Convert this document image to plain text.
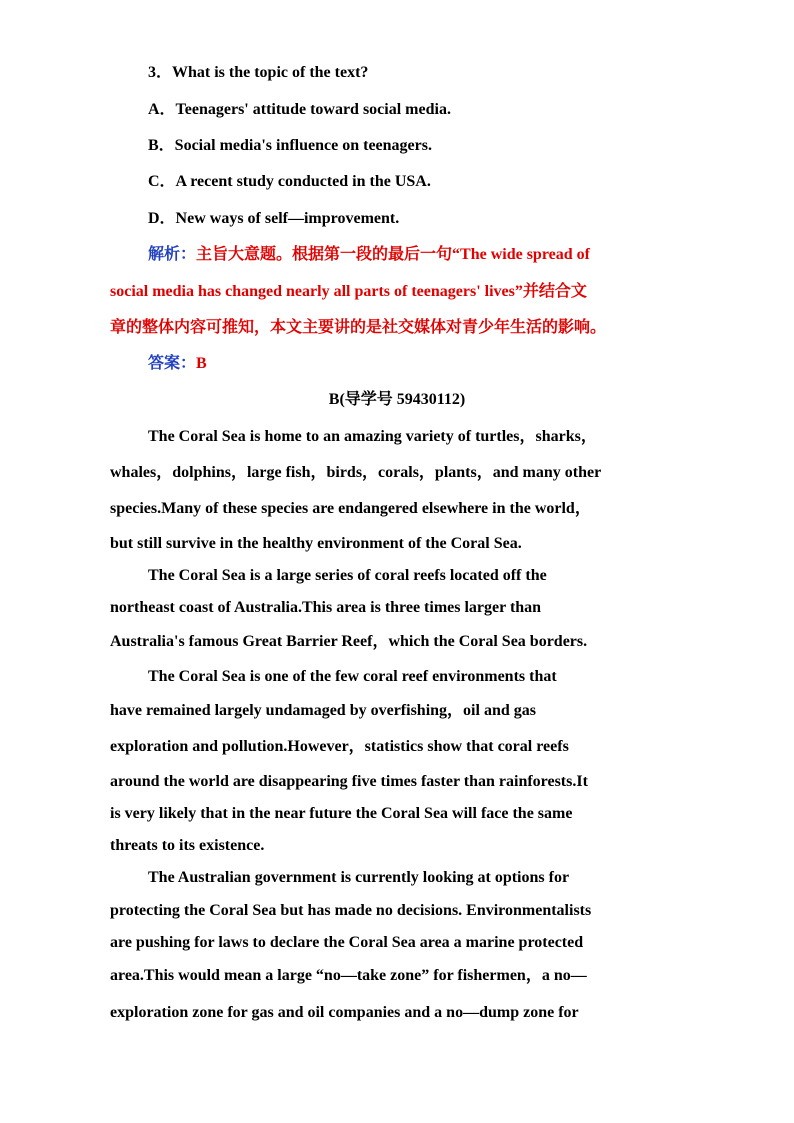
3．What is the topic of the text?
A．Teenagers' attitude toward social media.
B．Social media's influence on teenagers.
C．A recent study conducted in the USA.
D．New ways of self—improvement.
解析：主旨大意题。根据第一段的最后一句“The wide spread of
social media has changed nearly all parts of teenagers' lives”并结合文
章的整体内容可推知，本文主要讲的是社交媒体对青少年生活的影响。
答案：B
B(导学号 59430112)
The Coral Sea is home to an amazing variety of turtles，sharks，
whales，dolphins，large fish，birds，corals，plants，and many other
species.Many of these species are endangered elsewhere in the world，
but still survive in the healthy environment of the Coral Sea.
The Coral Sea is a large series of coral reefs located off the
northeast coast of Australia.This area is three times larger than
Australia's famous Great Barrier Reef，which the Coral Sea borders.
The Coral Sea is one of the few coral reef environments that
have remained largely undamaged by overfishing，oil and gas
exploration and pollution.However，statistics show that coral reefs
around the world are disappearing five times faster than rainforests.It
is very likely that in the near future the Coral Sea will face the same
threats to its existence.
The Australian government is currently looking at options for
protecting the Coral Sea but has made no decisions. Environmentalists
are pushing for laws to declare the Coral Sea area a marine protected
area.This would mean a large “no—take zone” for fishermen，a no—
exploration zone for gas and oil companies and a no—dump zone for
